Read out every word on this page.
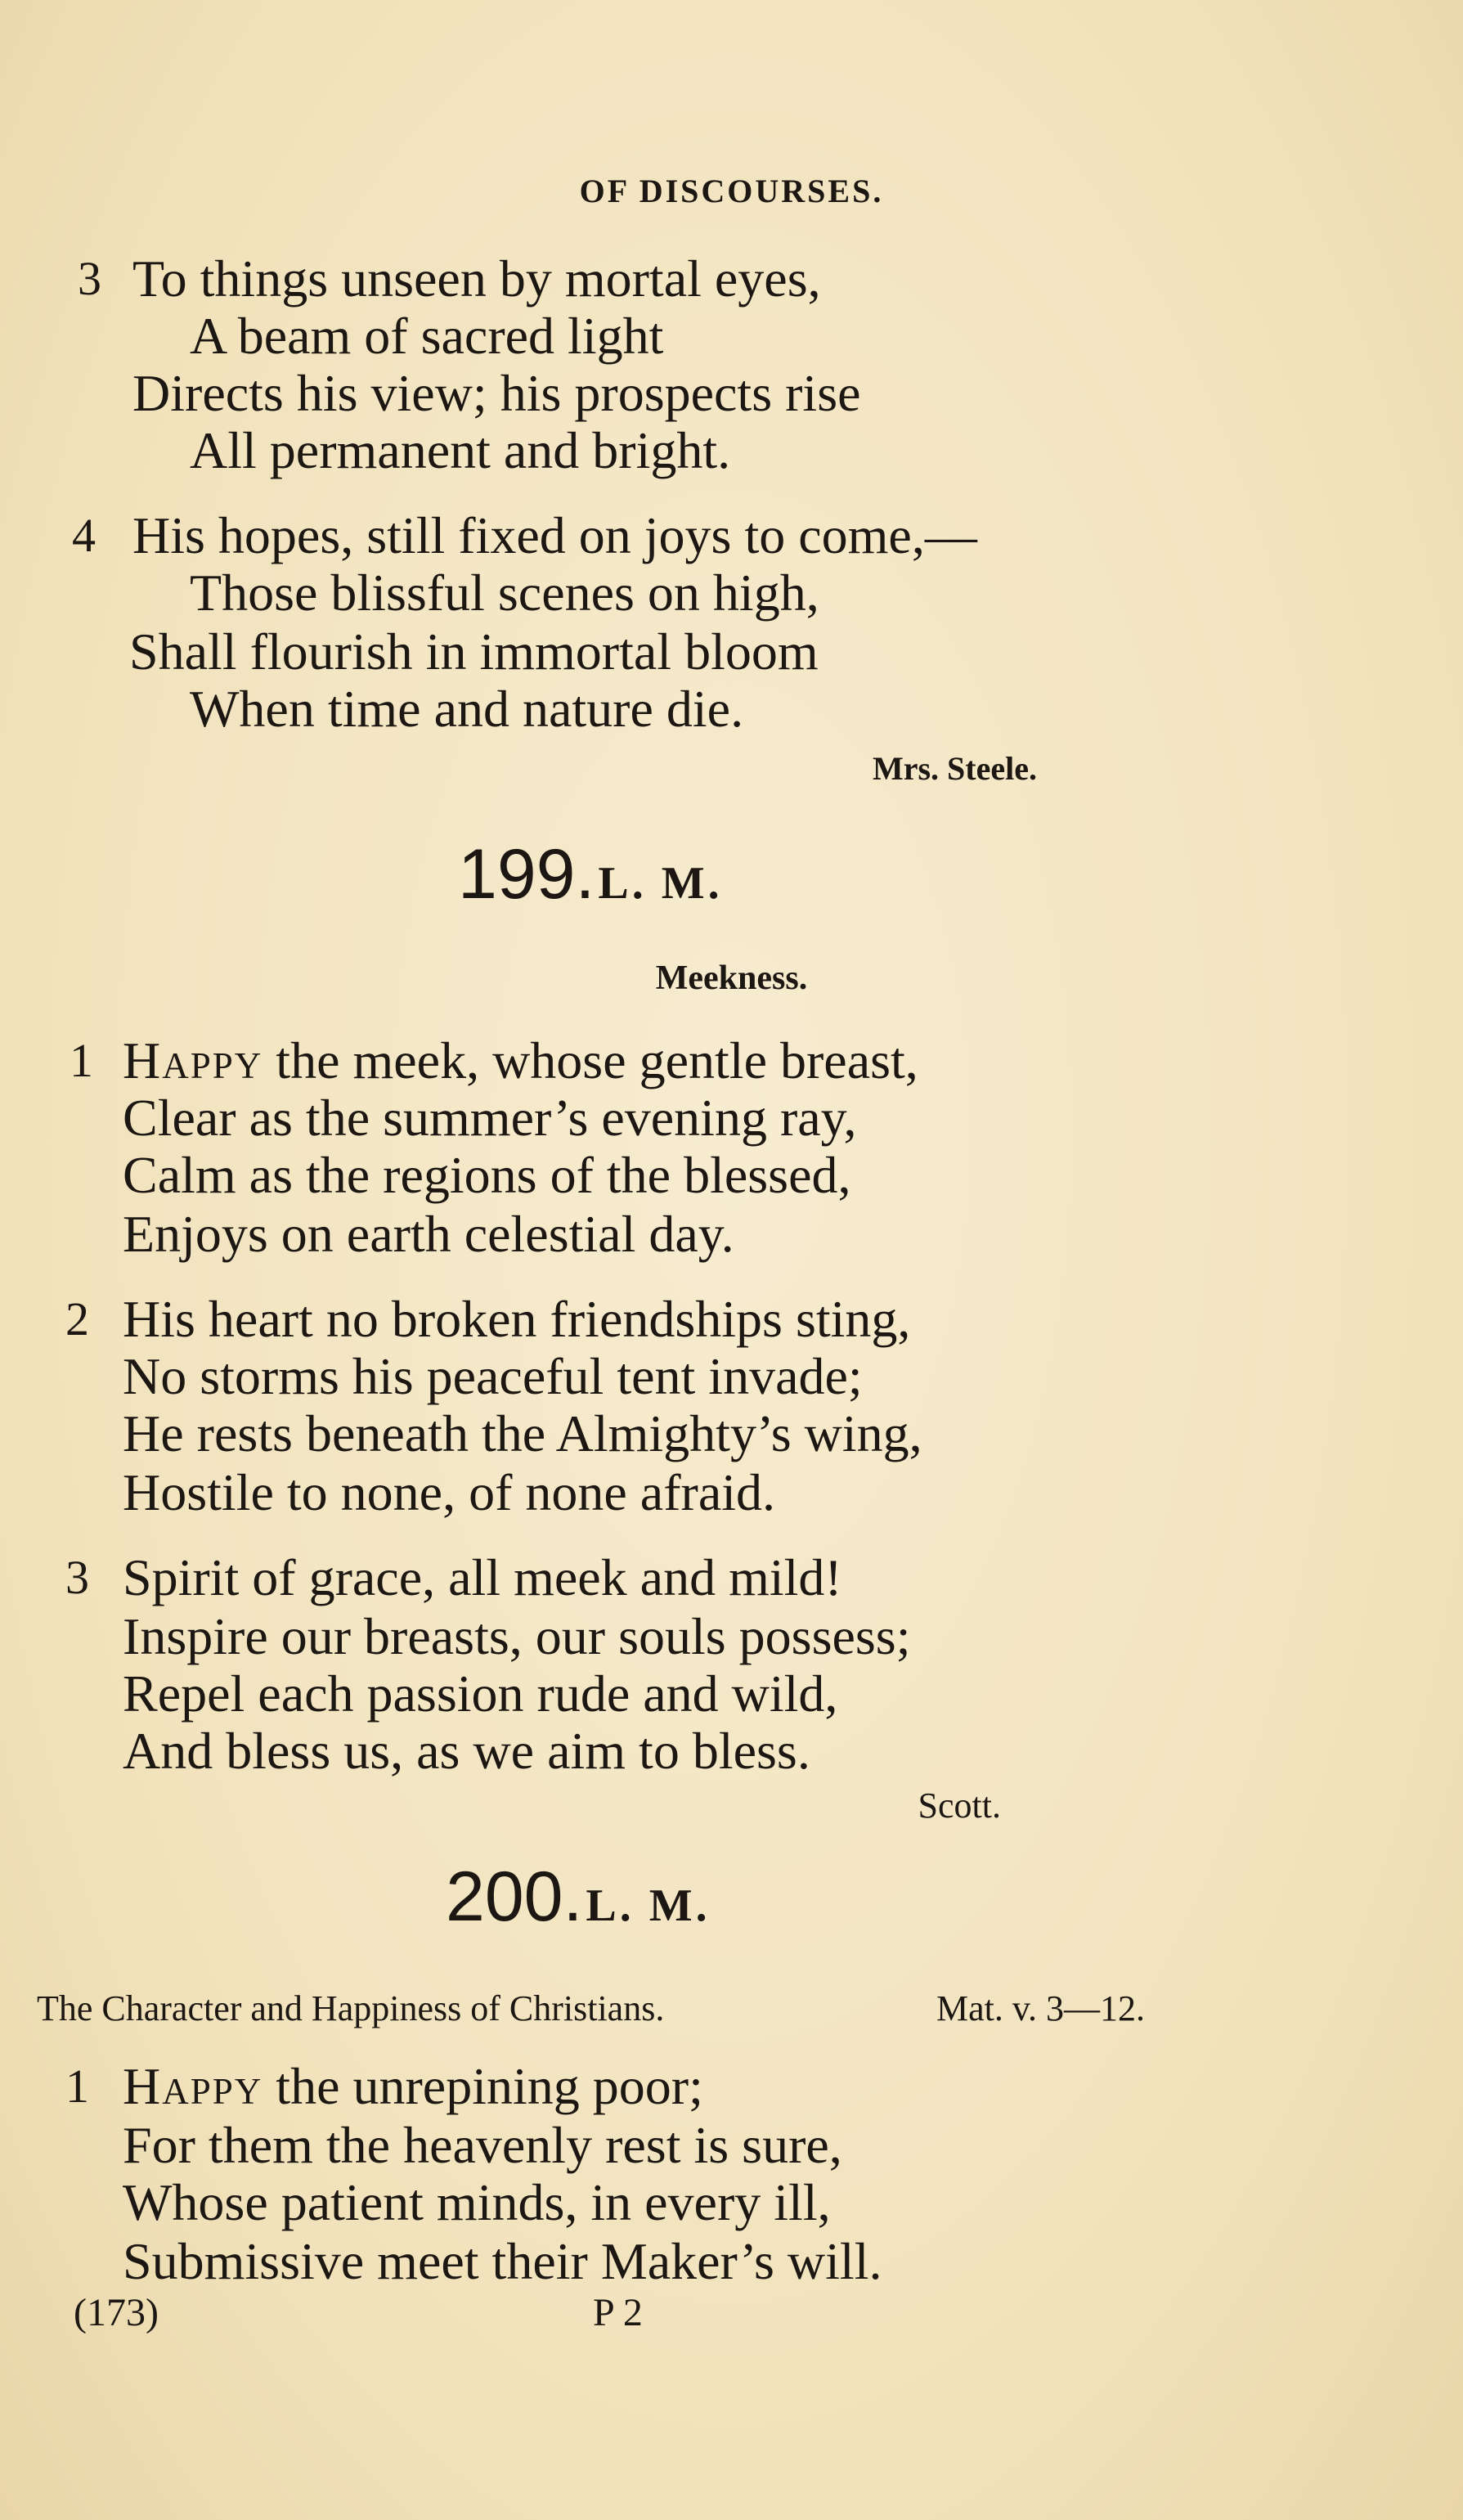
OF DISCOURSES.
3 To things unseen by mortal eyes,
A beam of sacred light
Directs his view; his prospects rise
All permanent and bright.
4 His hopes, still fixed on joys to come,—
Those blissful scenes on high,
Shall flourish in immortal bloom
When time and nature die.
Mrs. Steele.
199. L. M.
Meekness.
1 Happy the meek, whose gentle breast,
Clear as the summer’s evening ray,
Calm as the regions of the blessed,
Enjoys on earth celestial day.
2 His heart no broken friendships sting,
No storms his peaceful tent invade;
He rests beneath the Almighty’s wing,
Hostile to none, of none afraid.
3 Spirit of grace, all meek and mild!
Inspire our breasts, our souls possess;
Repel each passion rude and wild,
And bless us, as we aim to bless.
Scott.
200. L. M.
The Character and Happiness of Christians.	Mat. v. 3—12.
1 Happy the unrepining poor;
For them the heavenly rest is sure,
Whose patient minds, in every ill,
Submissive meet their Maker’s will.
(173)	P 2
